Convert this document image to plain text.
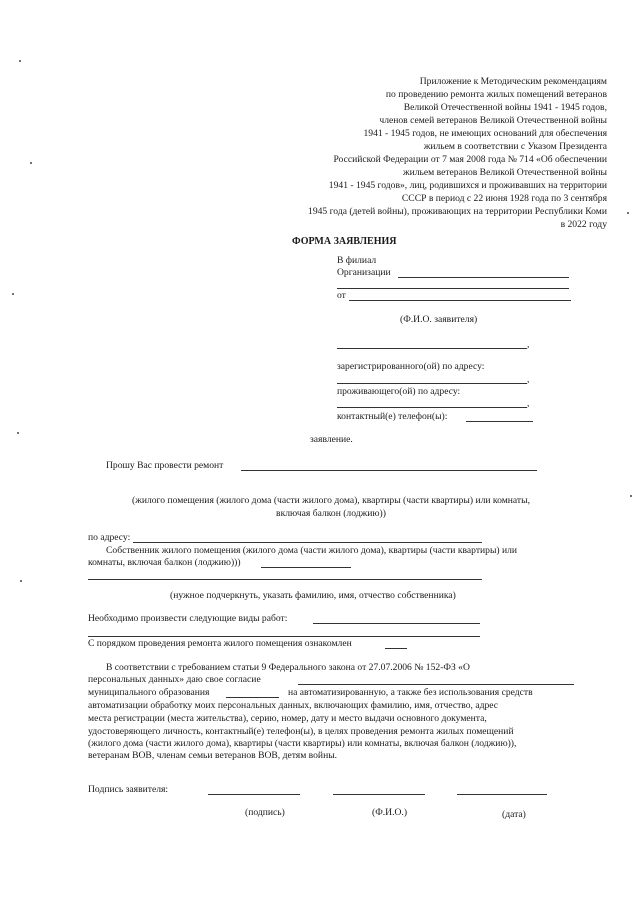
Приложение к Методическим рекомендациям
по проведению ремонта жилых помещений ветеранов
Великой Отечественной войны 1941 - 1945 годов,
членов семей ветеранов Великой Отечественной войны
1941 - 1945 годов, не имеющих оснований для обеспечения
жильем в соответствии с Указом Президента
Российской Федерации от 7 мая 2008 года № 714 «Об обеспечении
жильем ветеранов Великой Отечественной войны
1941 - 1945 годов», лиц, родившихся и проживавших на территории
СССР в период с 22 июня 1928 года по 3 сентября
1945 года (детей войны), проживающих на территории Республики Коми
в 2022 году
ФОРМА ЗАЯВЛЕНИЯ
В филиал
Организации
от
(Ф.И.О. заявителя)
,
зарегистрированного(ой) по адресу:
,
проживающего(ой) по адресу:
,
контактный(е) телефон(ы):
заявление.
Прошу Вас провести ремонт
(жилого помещения (жилого дома (части жилого дома), квартиры (части квартиры) или комнаты,
включая балкон (лоджию))
по адресу:
Собственник жилого помещения (жилого дома (части жилого дома), квартиры (части квартиры) или
комнаты, включая балкон (лоджию)))
(нужное подчеркнуть, указать фамилию, имя, отчество собственника)
Необходимо произвести следующие виды работ:
С порядком проведения ремонта жилого помещения ознакомлен
В соответствии с требованием статьи 9 Федерального закона от 27.07.2006 № 152-ФЗ «О
персональных данных» даю свое согласие
муниципального образования	на автоматизированную, а также без использования средств
автоматизации обработку моих персональных данных, включающих фамилию, имя, отчество, адрес
места регистрации (места жительства), серию, номер, дату и место выдачи основного документа,
удостоверяющего личность, контактный(е) телефон(ы), в целях проведения ремонта жилых помещений
(жилого дома (части жилого дома), квартиры (части квартиры) или комнаты, включая балкон (лоджию)),
ветеранам ВОВ, членам семьи ветеранов ВОВ, детям войны.
Подпись заявителя:
(подпись)	(Ф.И.О.)	(дата)
